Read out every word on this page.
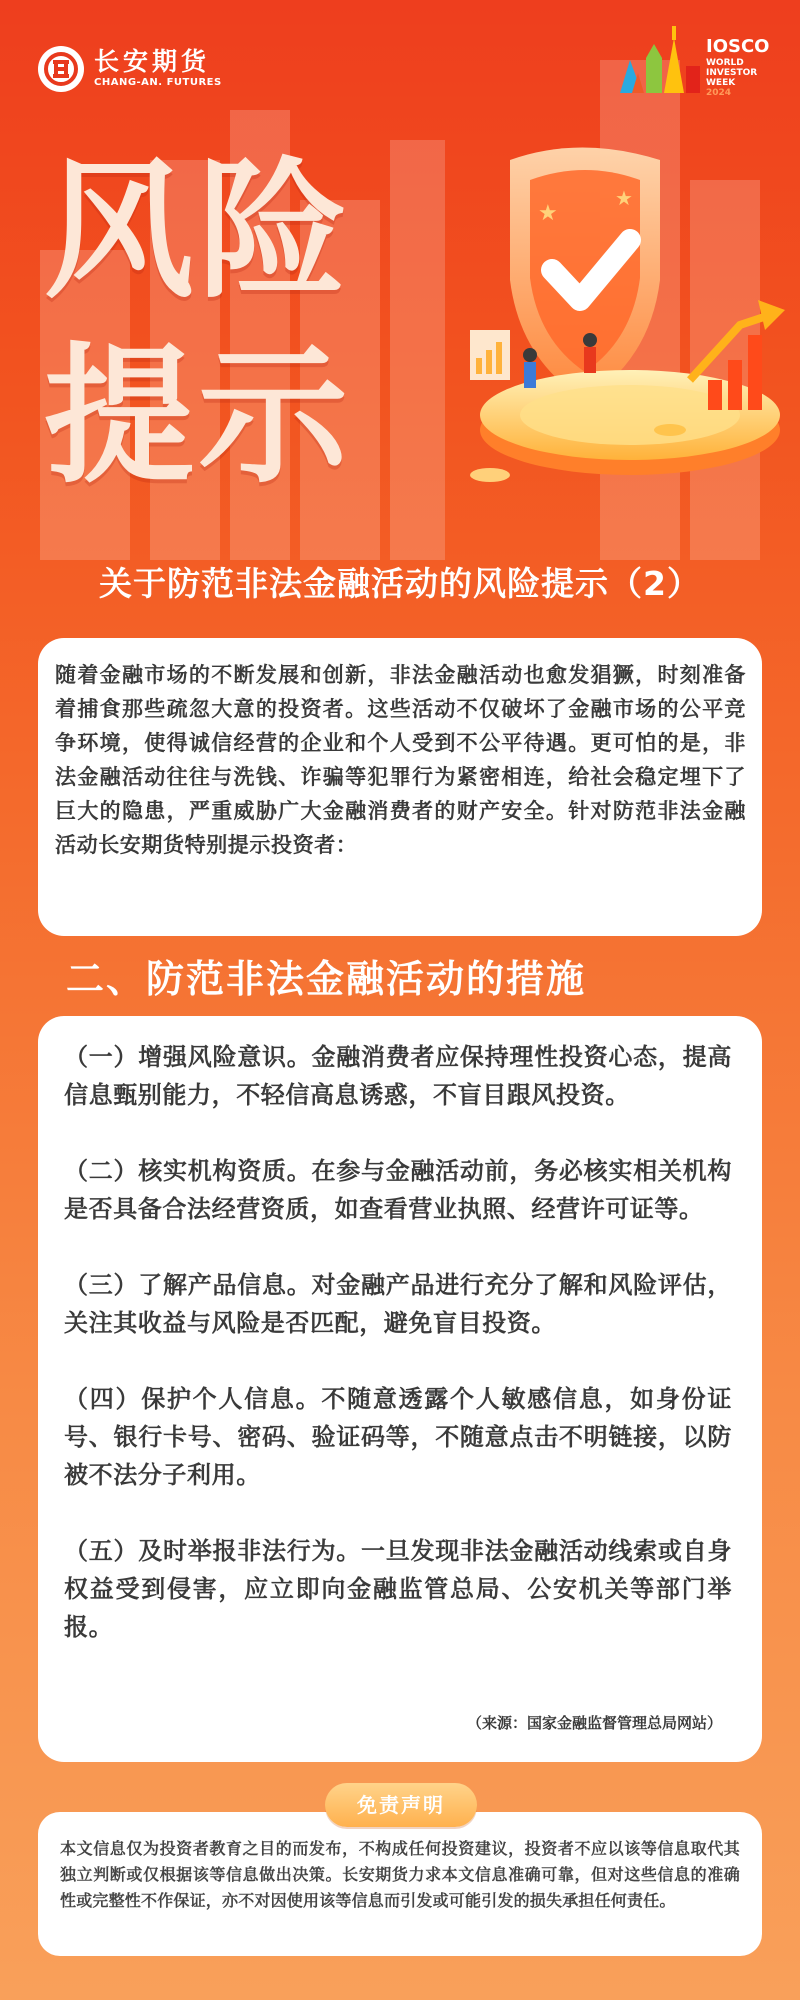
长安期货
CHANG-AN. FUTURES
IOSCO
WORLD
INVESTOR
WEEK
2024
风险
提示
★
★
关于防范非法金融活动的风险提示（2）
随着金融市场的不断发展和创新，非法金融活动也愈发猖獗，时刻准备着捕食那些疏忽大意的投资者。这些活动不仅破坏了金融市场的公平竞争环境，使得诚信经营的企业和个人受到不公平待遇。更可怕的是，非法金融活动往往与洗钱、诈骗等犯罪行为紧密相连，给社会稳定埋下了巨大的隐患，严重威胁广大金融消费者的财产安全。针对防范非法金融活动长安期货特别提示投资者：
二、防范非法金融活动的措施
（一）增强风险意识。金融消费者应保持理性投资心态，提高信息甄别能力，不轻信高息诱惑，不盲目跟风投资。
（二）核实机构资质。在参与金融活动前，务必核实相关机构是否具备合法经营资质，如查看营业执照、经营许可证等。
（三）了解产品信息。对金融产品进行充分了解和风险评估，关注其收益与风险是否匹配，避免盲目投资。
（四）保护个人信息。不随意透露个人敏感信息，如身份证号、银行卡号、密码、验证码等，不随意点击不明链接，以防被不法分子利用。
（五）及时举报非法行为。一旦发现非法金融活动线索或自身权益受到侵害，应立即向金融监管总局、公安机关等部门举报。
（来源：国家金融监督管理总局网站）
本文信息仅为投资者教育之目的而发布，不构成任何投资建议，投资者不应以该等信息取代其独立判断或仅根据该等信息做出决策。长安期货力求本文信息准确可靠，但对这些信息的准确性或完整性不作保证，亦不对因使用该等信息而引发或可能引发的损失承担任何责任。
免责声明
